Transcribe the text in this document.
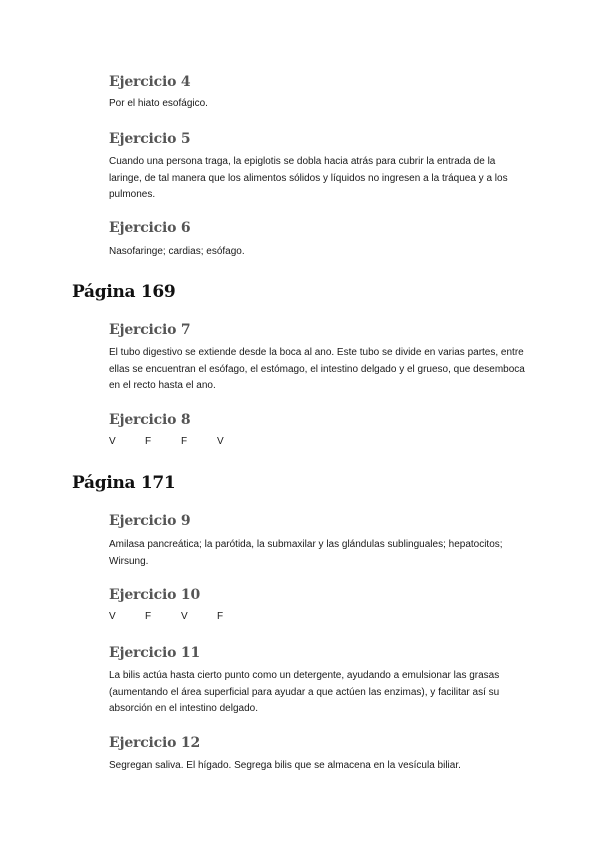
Ejercicio 4

Por el hiato esofágico.

Ejercicio 5

Cuando una persona traga, la epiglotis se dobla hacia atrás para cubrir la entrada de la laringe, de tal manera que los alimentos sólidos y líquidos no ingresen a la tráquea y a los pulmones.

Ejercicio 6

Nasofaringe; cardias; esófago.

Página 169
Ejercicio 7

El tubo digestivo se extiende desde la boca al ano. Este tubo se divide en varias partes, entre ellas se encuentran el esófago, el estómago, el intestino delgado y el grueso, que desemboca en el recto hasta el ano.

Ejercicio 8
V	F	F	V
Página 171
Ejercicio 9

Amilasa pancreática; la parótida, la submaxilar y las glándulas sublinguales; hepatocitos; Wirsung.

Ejercicio 10
V	F	V	F
Ejercicio 11

La bilis actúa hasta cierto punto como un detergente, ayudando a emulsionar las grasas (aumentando el área superficial para ayudar a que actúen las enzimas), y facilitar así su absorción en el intestino delgado.

Ejercicio 12

Segregan saliva. El hígado. Segrega bilis que se almacena en la vesícula biliar.
